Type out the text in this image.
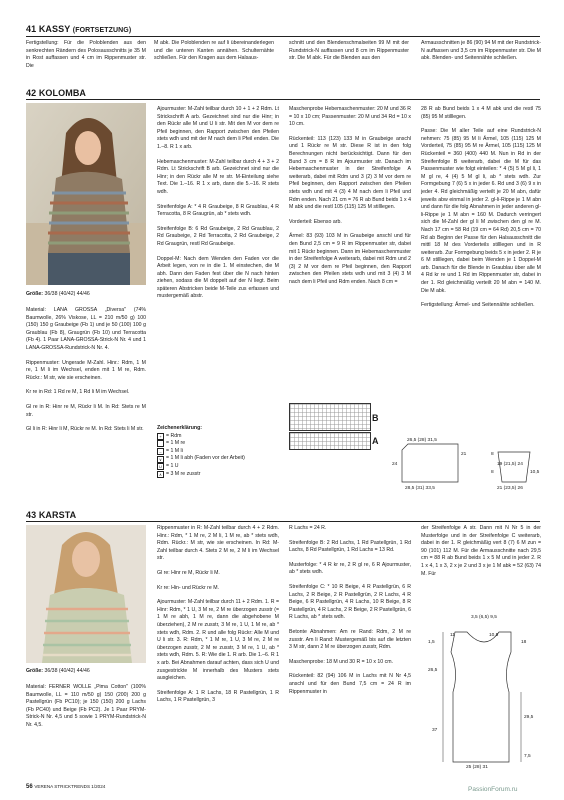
41 KASSY (FORTSETZUNG)

Fertigstellung: Für die Poloblenden aus den senkrechten Rändern des Polosausschnitts je 35 M in Rost auffassen und 4 cm im Rippenmuster str. Die

M abk. Die Poloblenden re auf li übereinanderlegen und die unteren Kanten annähen. Schulternähte schließen. Für den Kragen aus dem Halsaus-

schnitt und den Blendenschmalseiten 99 M mit der Rundstrick-N auffassen und 8 cm im Rippenmuster str. Die M abk. Für die Blenden aus den

Armausschnitten je 86 (90) 94 M mit der Rundstrick-N auffassen und 3,5 cm im Rippenmuster str. Die M abk. Blenden- und Seitennähte schließen.

42 KOLOMBA
Größe: 36/38 (40/42) 44/46

Material: LANA GROSSA „Diversa" (74% Baumwolle, 26% Viskose, LL = 210 m/50 g) 100 (150) 150 g Graubeige (Fb 1) und je 50 (100) 100 g Graublau (Fb 8), Graugrün (Fb 10) und Terracotta (Fb 4). 1 Paar LANA-GROSSA-Strick-N Nr. 4 und 1 LANA-GROSSA-Rundstrick-N Nr. 4.

Rippenmuster: Ungerade M-Zahl. Hinr.: Rdm, 1 M re, 1 M li im Wechsel, enden mit 1 M re, Rdm. Rückr.: M str, wie sie erscheinen.

Kr re in Rd: 1 Rd re M, 1 Rd li M im Wechsel.

Gl re in R: Hinr re M, Rückr li M. In Rd: Stets re M str.

Gl li in R: Hinr li M, Rückr re M. In Rd: Stets li M str.

Ajourmuster: M-Zahl teilbar durch 10 + 1 + 2 Rdm. Lt Strickschrift A arb. Gezeichnet sind nur die Hinr; in den Rückr alle M und U li str. Mit den M vor dem re Pfeil beginnen, den Rapport zwischen den Pfeilen stets wdh und mit der M nach dem li Pfeil enden. Die 1.–8. R 1 x arb.

Hebemaschenmuster: M-Zahl teilbar durch 4 + 3 + 2 Rdm. Lt Strickschrift B arb. Gezeichnet sind nur die Hinr; in den Rückr alle M re str. M-Einteilung siehe Text. Die 1.–16. R 1 x arb, dann die 5.–16. R stets wdh.

Streifenfolge A: * 4 R Graubeige, 8 R Graublau, 4 R Terracotta, 8 R Graugrün, ab * stets wdh.

Streifenfolge B: 6 Rd Graubeige, 2 Rd Graublau, 2 Rd Graubeige, 2 Rd Terracotta, 2 Rd Graubeige, 2 Rd Graugrün, restl Rd Graubeige.

Doppel-M: Nach dem Wenden den Faden vor die Arbeit legen, von re in die 1. M einstechen, die M abh. Dann den Faden fest über die N nach hinten ziehen, sodass die M doppelt auf der N liegt. Beim späteren Abstricken beide M-Teile zus erfassen und mustergemäß abstr.

Zeichenerklärung:
+ = Rdm
= 1 M re
– = 1 M li
∨ = 1 M li abh (Faden vor der Arbeit)
U = 1 U
∧ = 3 M re zusstr

Maschenprobe Hebemaschenmuster: 20 M und 36 R = 10 x 10 cm; Passenmuster: 20 M und 34 Rd = 10 x 10 cm.

Rückenteil: 113 (123) 133 M in Graubeige anschl und 1 Rückr re M str. Diese R ist in den folg Berechnungen nicht berücksichtigt. Dann für den Bund 3 cm = 8 R im Ajourmuster str. Danach im Hebemaschenmuster in der Streifenfolge A weiterarb, dabei mit Rdm und 3 (2) 3 M vor dem re Pfeil beginnen, den Rapport zwischen den Pfeilen stets wdh und mit 4 (3) 4 M nach dem li Pfeil und Rdm enden. Nach 21 cm = 76 R ab Bund beids 1 x 4 M abk und die restl 105 (115) 125 M stilllegen.

Vorderteil: Ebenso arb.

Ärmel: 83 (93) 103 M in Graubeige anschl und für den Bund 2,5 cm = 9 R im Rippenmuster str, dabei mit 1 Rückr beginnen. Dann im Hebemaschenmuster in der Streifenfolge A weiterarb, dabei mit Rdm und 2 (3) 2 M vor dem re Pfeil beginnen, den Rapport zwischen den Pfeilen stets wdh und mit 3 (4) 3 M nach dem li Pfeil und Rdm enden. Nach 8 cm =

B
A

28 R ab Bund beids 1 x 4 M abk und die restl 75 (85) 95 M stilllegen.

Passe: Die M aller Teile auf eine Rundstrick-N nehmen: 75 (85) 95 M li Ärmel, 105 (115) 125 M Vorderteil, 75 (85) 95 M re Ärmel, 105 (115) 125 M Rückenteil = 360 (400) 440 M. Nun in Rd in der Streifenfolge B weiterarb, dabei die M für das Passenmuster wie folgt einteilen: * 4 (5) 5 M gl li, 1 M gl re, 4 (4) 5 M gl li, ab * stets wdh. Zur Formgebung 7 (6) 5 x in jeder 6. Rd und 3 (6) 9 x in jeder 4. Rd gleichmäßig verteilt je 20 M abn, dafür jeweils abw einmal in jeder 2. gl-li-Rippe je 1 M abn und dann für die folg Abnahmen in jeder anderen gl-li-Rippe je 1 M abn = 160 M. Dadurch verringert sich die M-Zahl der gl li M zwischen den gl re M. Nach 17 cm = 58 Rd (19 cm = 64 Rd) 20,5 cm = 70 Rd ab Beginn der Passe für den Halsausschnitt die mittl 18 M des Vorderteils stilllegen und in R weiterarb. Zur Formgebung beids 5 x in jeder 2. R je 6 M stilllegen, dabei beim Wenden je 1 Doppel-M arb. Danach für die Blende in Graublau über alle M 4 Rd kr re und 1 Rd im Rippenmuster str, dabei in der 1. Rd gleichmäßig verteilt 20 M abn = 140 M. Die M abk.

Fertigstellung: Ärmel- und Seitennähte schließen.

26,5 (28) 31,5
24
28,5 (31) 33,5
21	8
8	10,5
19 (21,5) 24
21 (23,5) 26
43 KARSTA
Größe: 36/38 (40/42) 44/46

Material: FERNER WOLLE „Pima Cotton" (100% Baumwolle, LL = 110 m/50 g) 150 (200) 200 g Pastellgrün (Fb PC10); je 150 (150) 200 g Lachs (Fb PC40) und Beige (Fb PC2). Je 1 Paar PRYM-Strick-N Nr. 4,5 und 5 sowie 1 PRYM-Rundstrick-N Nr. 4,5.

Rippenmuster in R: M-Zahl teilbar durch 4 + 2 Rdm. Hinr.: Rdm, * 1 M re, 2 M li, 1 M re, ab * stets wdh, Rdm. Rückr.: M str, wie sie erscheinen. In Rd: M-Zahl teilbar durch 4. Stets 2 M re, 2 M li im Wechsel str.

Gl re: Hinr re M, Rückr li M.

Kr re: Hin- und Rückr re M.

Ajourmuster: M-Zahl teilbar durch 11 + 2 Rdm. 1. R = Hinr: Rdm, * 1 U, 3 M re, 2 M re überzogen zusstr (= 1 M re abh, 1 M re, dann die abgehobene M überziehen), 2 M re zusstr, 3 M re, 1 U, 1 M re, ab * stets wdh, Rdm. 2. R und alle folg Rückr: Alle M und U li str. 3. R: Rdm, * 1 M re, 1 U, 3 M re, 2 M re überzogen zusstr, 2 M re zusstr, 3 M re, 1 U, ab * stets wdh, Rdm. 5. R: Wie die 1. R arb. Die 1.–6. R 1 x arb. Bei Abnahmen darauf achten, dass sich U und zusgestrickte M innerhalb des Musters stets ausgleichen.

Streifenfolge A: 1 R Lachs, 18 R Pastellgrün, 1 R Lachs, 1 R Pastellgrün, 3

R Lachs = 24 R.

Streifenfolge B: 2 Rd Lachs, 1 Rd Pastellgrün, 1 Rd Lachs, 8 Rd Pastellgrün, 1 Rd Lachs = 13 Rd.

Musterfolge: * 4 R kr re, 2 R gl re, 6 R Ajourmuster, ab * stets wdh.

Streifenfolge C: * 10 R Beige, 4 R Pastellgrün, 6 R Lachs, 2 R Beige, 2 R Pastellgrün, 2 R Lachs, 4 R Beige, 6 R Pastellgrün, 4 R Lachs, 10 R Beige, 8 R Pastellgrün, 4 R Lachs, 2 R Beige, 2 R Pastellgrün, 6 R Lachs, ab * stets wdh.

Betonte Abnahmen: Am re Rand: Rdm, 2 M re zusstr. Am li Rand: Mustergemäß bis auf die letzten 3 M str, dann 2 M re überzogen zusstr, Rdm.

Maschenprobe: 18 M und 30 R = 10 x 10 cm.

Rückenteil: 82 (94) 106 M in Lachs mit N Nr 4,5 anschl und für den Bund 7,5 cm = 24 R im Rippenmuster in

der Streifenfolge A str. Dann mit N Nr 5 in der Musterfolge und in der Streifenfolge C weiterarb, dabei in der 1. R gleichmäßig vert 8 (7) 6 M zun = 90 (101) 112 M. Für die Armausschnitte nach 29,5 cm = 88 R ab Bund beids 1 x 5 M und in jeder 2. R 1 x 4, 1 x 3, 2 x je 2 und 3 x je 1 M abk = 52 (63) 74 M. Für

3,5 (6,5) 9,5
11	10,5
1,5	18
26,5
37
29,5
7,5
25 (28) 31
56 VERENA STRICKTRENDS 1/2024	PassionForum.ru
